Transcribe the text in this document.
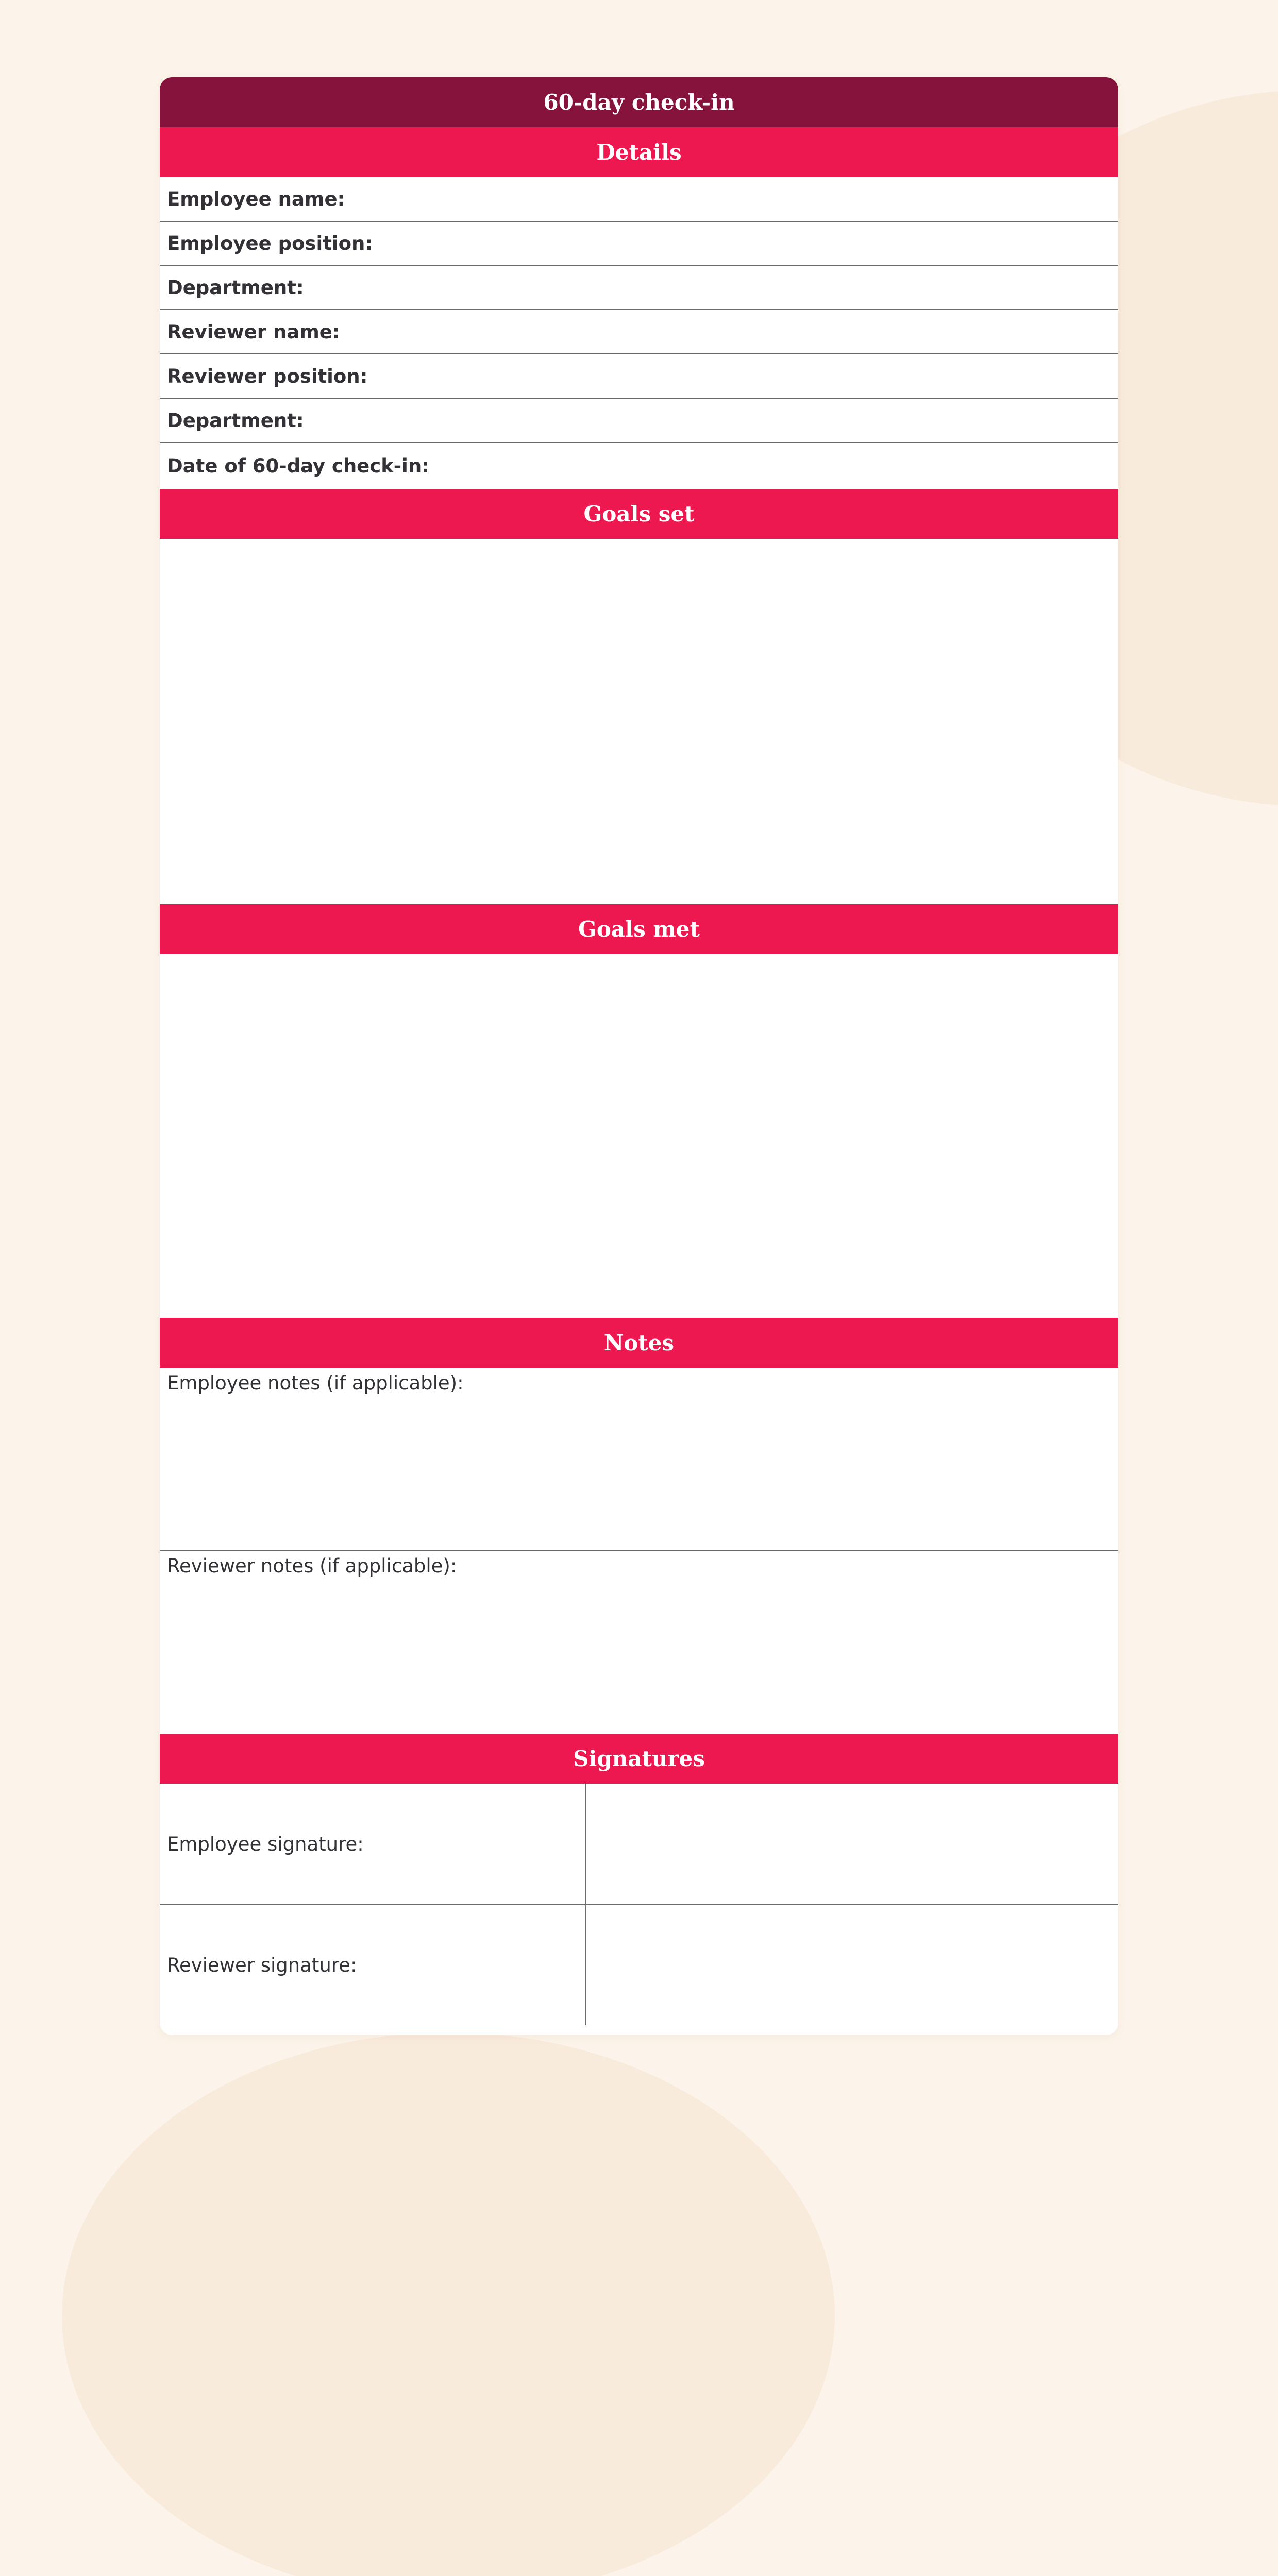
60-day check-in
Details
Employee name:
Employee position:
Department:
Reviewer name:
Reviewer position:
Department:
Date of 60-day check-in:
Goals set
Goals met
Notes
Employee notes (if applicable):
Reviewer notes (if applicable):
Signatures
Employee signature:
Reviewer signature:
